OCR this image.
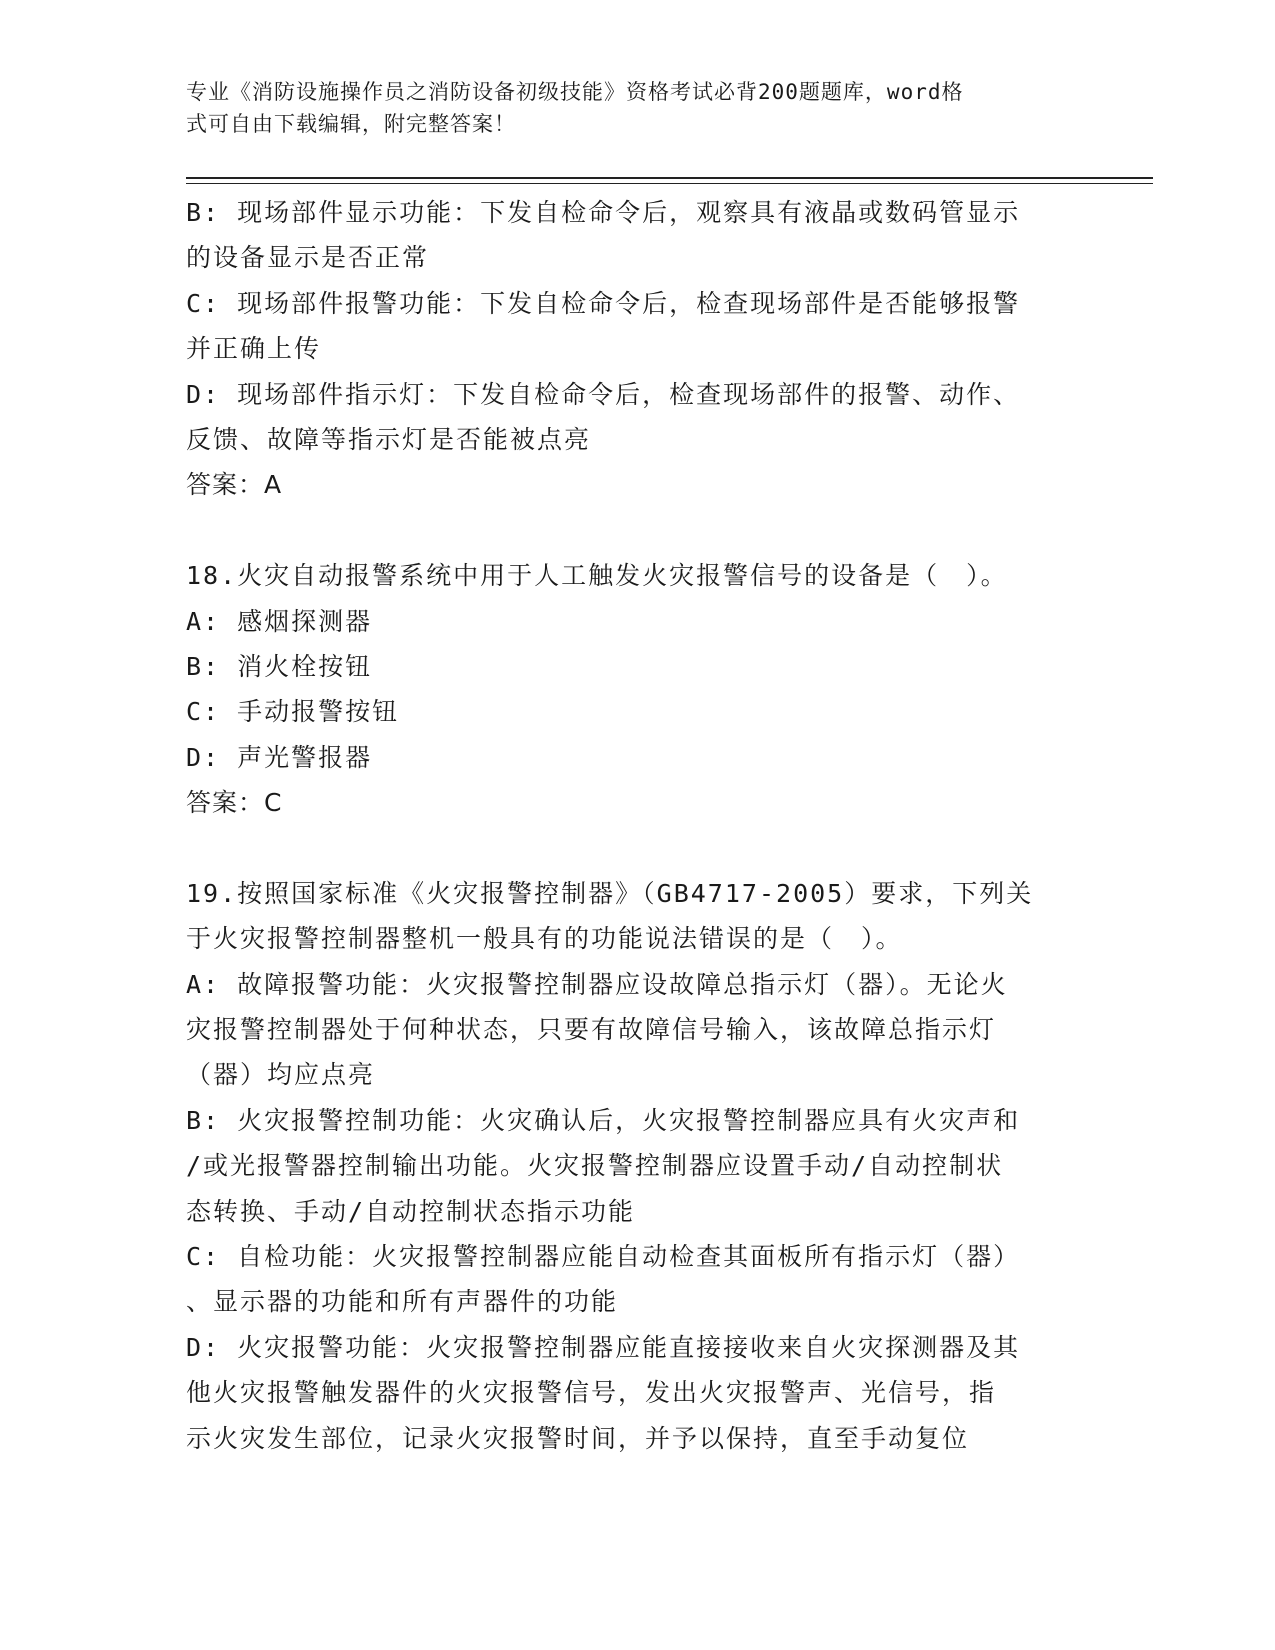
专业《消防设施操作员之消防设备初级技能》资格考试必背200题题库，word格
式可自由下载编辑，附完整答案！
B: 现场部件显示功能：下发自检命令后，观察具有液晶或数码管显示
的设备显示是否正常
C: 现场部件报警功能：下发自检命令后，检查现场部件是否能够报警
并正确上传
D: 现场部件指示灯：下发自检命令后，检查现场部件的报警、动作、
反馈、故障等指示灯是否能被点亮
答案：A
18.火灾自动报警系统中用于人工触发火灾报警信号的设备是（　）。
A: 感烟探测器
B: 消火栓按钮
C: 手动报警按钮
D: 声光警报器
答案：C
19.按照国家标准《火灾报警控制器》（GB4717-2005）要求，下列关
于火灾报警控制器整机一般具有的功能说法错误的是（　）。
A: 故障报警功能：火灾报警控制器应设故障总指示灯（器）。无论火
灾报警控制器处于何种状态，只要有故障信号输入，该故障总指示灯
（器）均应点亮
B: 火灾报警控制功能：火灾确认后，火灾报警控制器应具有火灾声和
/或光报警器控制输出功能。火灾报警控制器应设置手动/自动控制状
态转换、手动/自动控制状态指示功能
C: 自检功能：火灾报警控制器应能自动检查其面板所有指示灯（器）
、显示器的功能和所有声器件的功能
D: 火灾报警功能：火灾报警控制器应能直接接收来自火灾探测器及其
他火灾报警触发器件的火灾报警信号，发出火灾报警声、光信号，指
示火灾发生部位，记录火灾报警时间，并予以保持，直至手动复位
